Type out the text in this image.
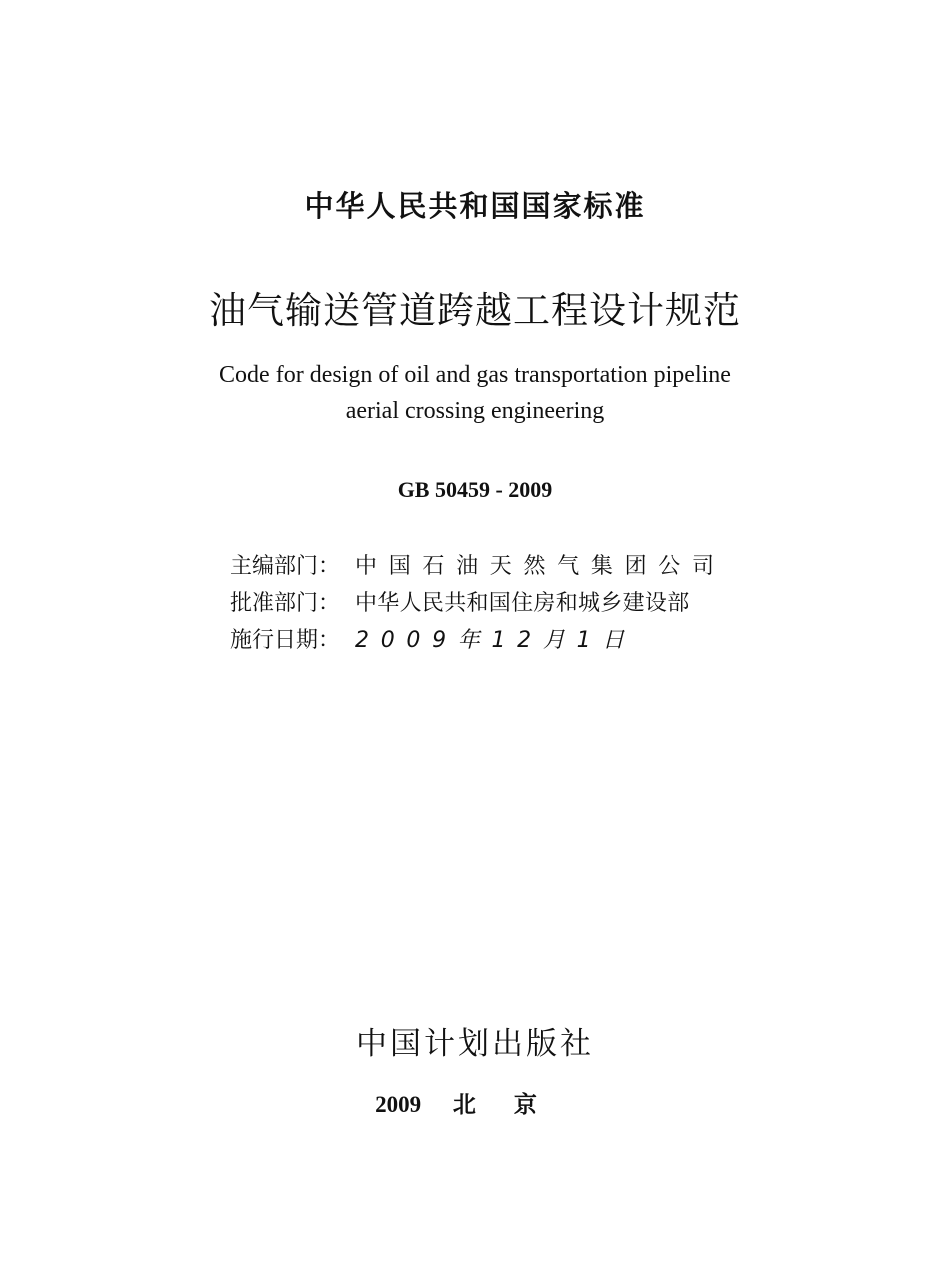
中华人民共和国国家标准
油气输送管道跨越工程设计规范
Code for design of oil and gas transportation pipeline
aerial crossing engineering
GB 50459 - 2009
主编部门： 中国石油天然气集团公司
批准部门： 中华人民共和国住房和城乡建设部
施行日期： 2009年12月1日
中国计划出版社
2009 北京
